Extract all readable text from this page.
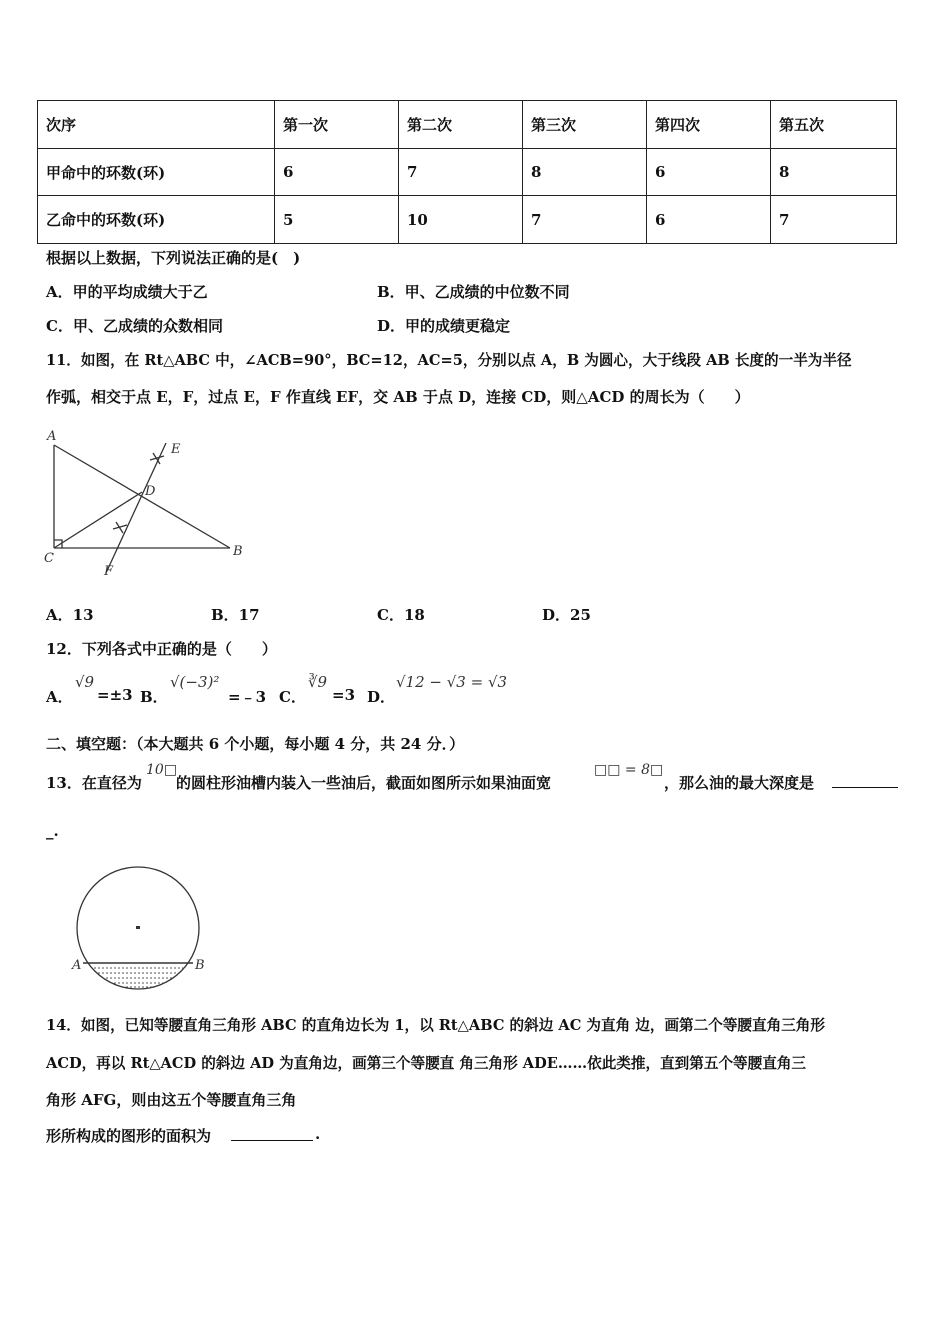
次序	第一次	第二次	第三次	第四次	第五次
甲命中的环数(环)	6	7	8	6	8
乙命中的环数(环)	5	10	7	6	7
根据以上数据，下列说法正确的是(　)
A．甲的平均成绩大于乙	B．甲、乙成绩的中位数不同
C．甲、乙成绩的众数相同	D．甲的成绩更稳定
11．如图，在 Rt△ABC 中，∠ACB=90°，BC=12，AC=5，分别以点 A，B 为圆心，大于线段 AB 长度的一半为半径
作弧，相交于点 E，F，过点 E，F 作直线 EF，交 AB 于点 D，连接 CD，则△ACD 的周长为（　　）
A
B
C
D
E
F
A．13	B．17	C．18	D．25
12．下列各式中正确的是（　　）
A．
√9
=±3 B．
√(−3)²
=﹣3 C．
∛9
=3 D．
√12 − √3 = √3
二、填空题：（本大题共 6 个小题，每小题 4 分，共 24 分．）
13．在直径为
10□
的圆柱形油槽内装入一些油后，截面如图所示如果油面宽
□□ = 8□
，那么油的最大深度是
_.
A	B
14．如图，已知等腰直角三角形 ABC 的直角边长为 1，以 Rt△ABC 的斜边 AC 为直角 边，画第二个等腰直角三角形
ACD，再以 Rt△ACD 的斜边 AD 为直角边，画第三个等腰直 角三角形 ADE……依此类推，直到第五个等腰直角三
角形 AFG，则由这五个等腰直角三角
形所构成的图形的面积为	.
